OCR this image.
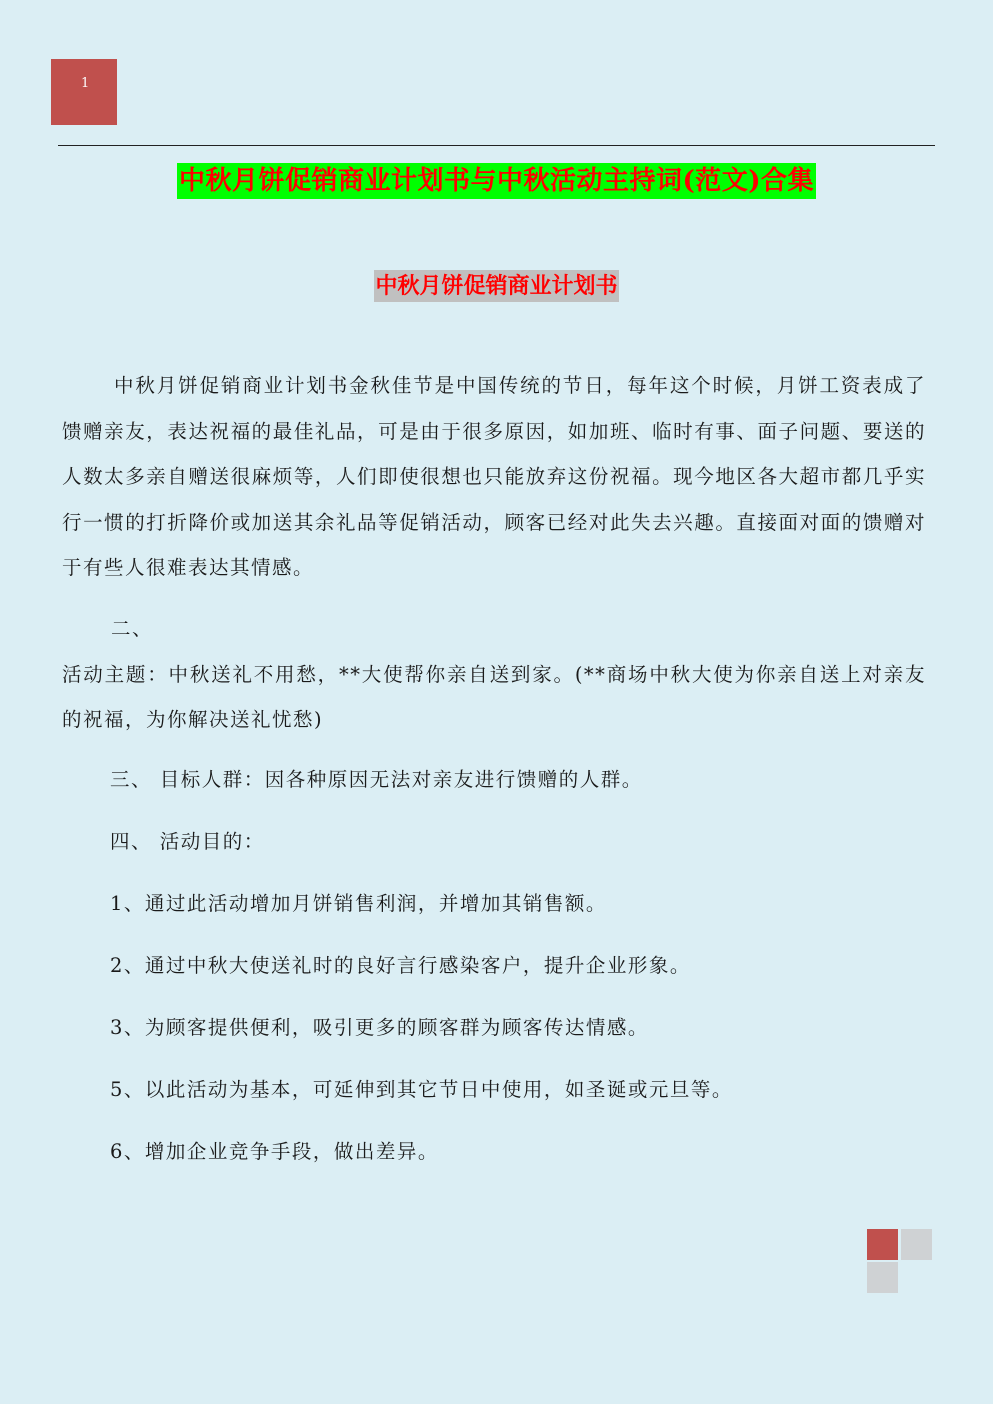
1
中秋月饼促销商业计划书与中秋活动主持词(范文)合集
中秋月饼促销商业计划书

中秋月饼促销商业计划书金秋佳节是中国传统的节日，每年这个时候，月饼工资表成了馈赠亲友，表达祝福的最佳礼品，可是由于很多原因，如加班、临时有事、面子问题、要送的人数太多亲自赠送很麻烦等，人们即使很想也只能放弃这份祝福。现今地区各大超市都几乎实行一惯的打折降价或加送其余礼品等促销活动，顾客已经对此失去兴趣。直接面对面的馈赠对于有些人很难表达其情感。

二、
活动主题：中秋送礼不用愁，**大使帮你亲自送到家。(**商场中秋大使为你亲自送上对亲友的祝福，为你解决送礼忧愁)

三、 目标人群：因各种原因无法对亲友进行馈赠的人群。

四、 活动目的：

1、通过此活动增加月饼销售利润，并增加其销售额。

2、通过中秋大使送礼时的良好言行感染客户，提升企业形象。

3、为顾客提供便利，吸引更多的顾客群为顾客传达情感。

5、以此活动为基本，可延伸到其它节日中使用，如圣诞或元旦等。

6、增加企业竞争手段，做出差异。
